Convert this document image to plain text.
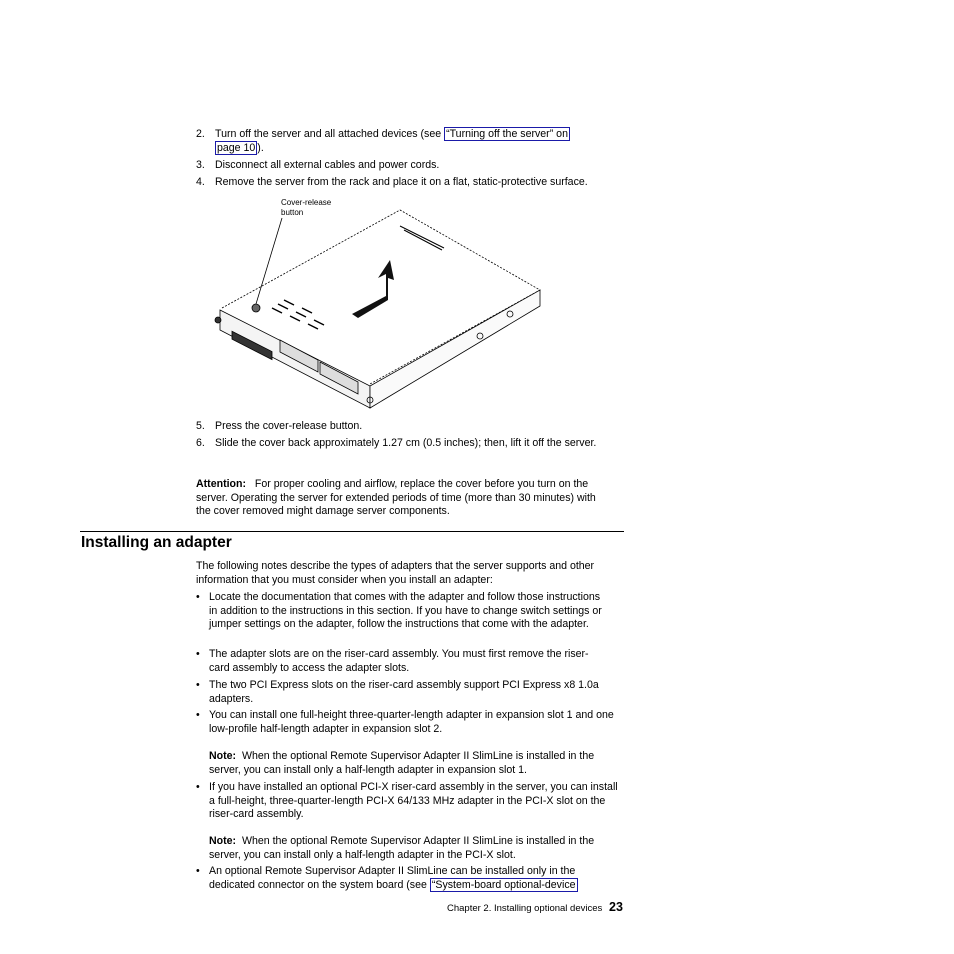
2. Turn off the server and all attached devices (see “Turning off the server” on
page 10 ).
3. Disconnect all external cables and power cords.
4. Remove the server from the rack and place it on a flat, static-protective surface.
Cover-release
button
5. Press the cover-release button.
6. Slide the cover back approximately 1.27 cm (0.5 inches); then, lift it off the server.
Attention: For proper cooling and airflow, replace the cover before you turn on the server. Operating the server for extended periods of time (more than 30 minutes) with the cover removed might damage server components.
Installing an adapter
The following notes describe the types of adapters that the server supports and other information that you must consider when you install an adapter:
• Locate the documentation that comes with the adapter and follow those instructions in addition to the instructions in this section. If you have to change switch settings or jumper settings on the adapter, follow the instructions that come with the adapter.
• The adapter slots are on the riser-card assembly. You must first remove the riser-card assembly to access the adapter slots.
• The two PCI Express slots on the riser-card assembly support PCI Express x8 1.0a adapters.
• You can install one full-height three-quarter-length adapter in expansion slot 1 and one low-profile half-length adapter in expansion slot 2.
Note: When the optional Remote Supervisor Adapter II SlimLine is installed in the server, you can install only a half-length adapter in expansion slot 1.
• If you have installed an optional PCI-X riser-card assembly in the server, you can install a full-height, three-quarter-length PCI-X 64/133 MHz adapter in the PCI-X slot on the riser-card assembly.
Note: When the optional Remote Supervisor Adapter II SlimLine is installed in the server, you can install only a half-length adapter in the PCI-X slot.
• An optional Remote Supervisor Adapter II SlimLine can be installed only in the dedicated connector on the system board (see “System-board optional-device
Chapter 2. Installing optional devices 23
